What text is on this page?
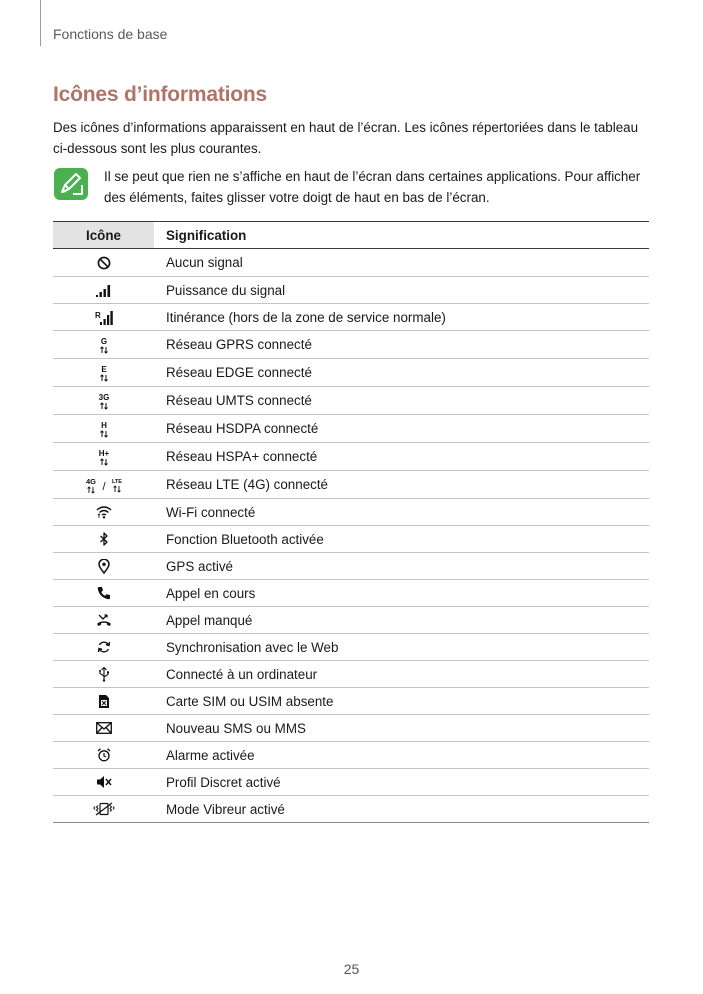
Fonctions de base
Icônes d’informations
Des icônes d’informations apparaissent en haut de l’écran. Les icônes répertoriées dans le tableau ci-dessous sont les plus courantes.
Il se peut que rien ne s’affiche en haut de l’écran dans certaines applications. Pour afficher des éléments, faites glisser votre doigt de haut en bas de l’écran.
Icône	Signification

	Aucun signal

	Puissance du signal

R	Itinérance (hors de la zone de service normale)

G	Réseau GPRS connecté

E	Réseau EDGE connecté

3G	Réseau UMTS connecté

H	Réseau HSDPA connecté

H+	Réseau HSPA+ connecté

4G / LTE	Réseau LTE (4G) connecté

	Wi-Fi connecté

	Fonction Bluetooth activée

	GPS activé

	Appel en cours

	Appel manqué

	Synchronisation avec le Web

	Connecté à un ordinateur

	Carte SIM ou USIM absente

	Nouveau SMS ou MMS

	Alarme activée

	Profil Discret activé

	Mode Vibreur activé
25
